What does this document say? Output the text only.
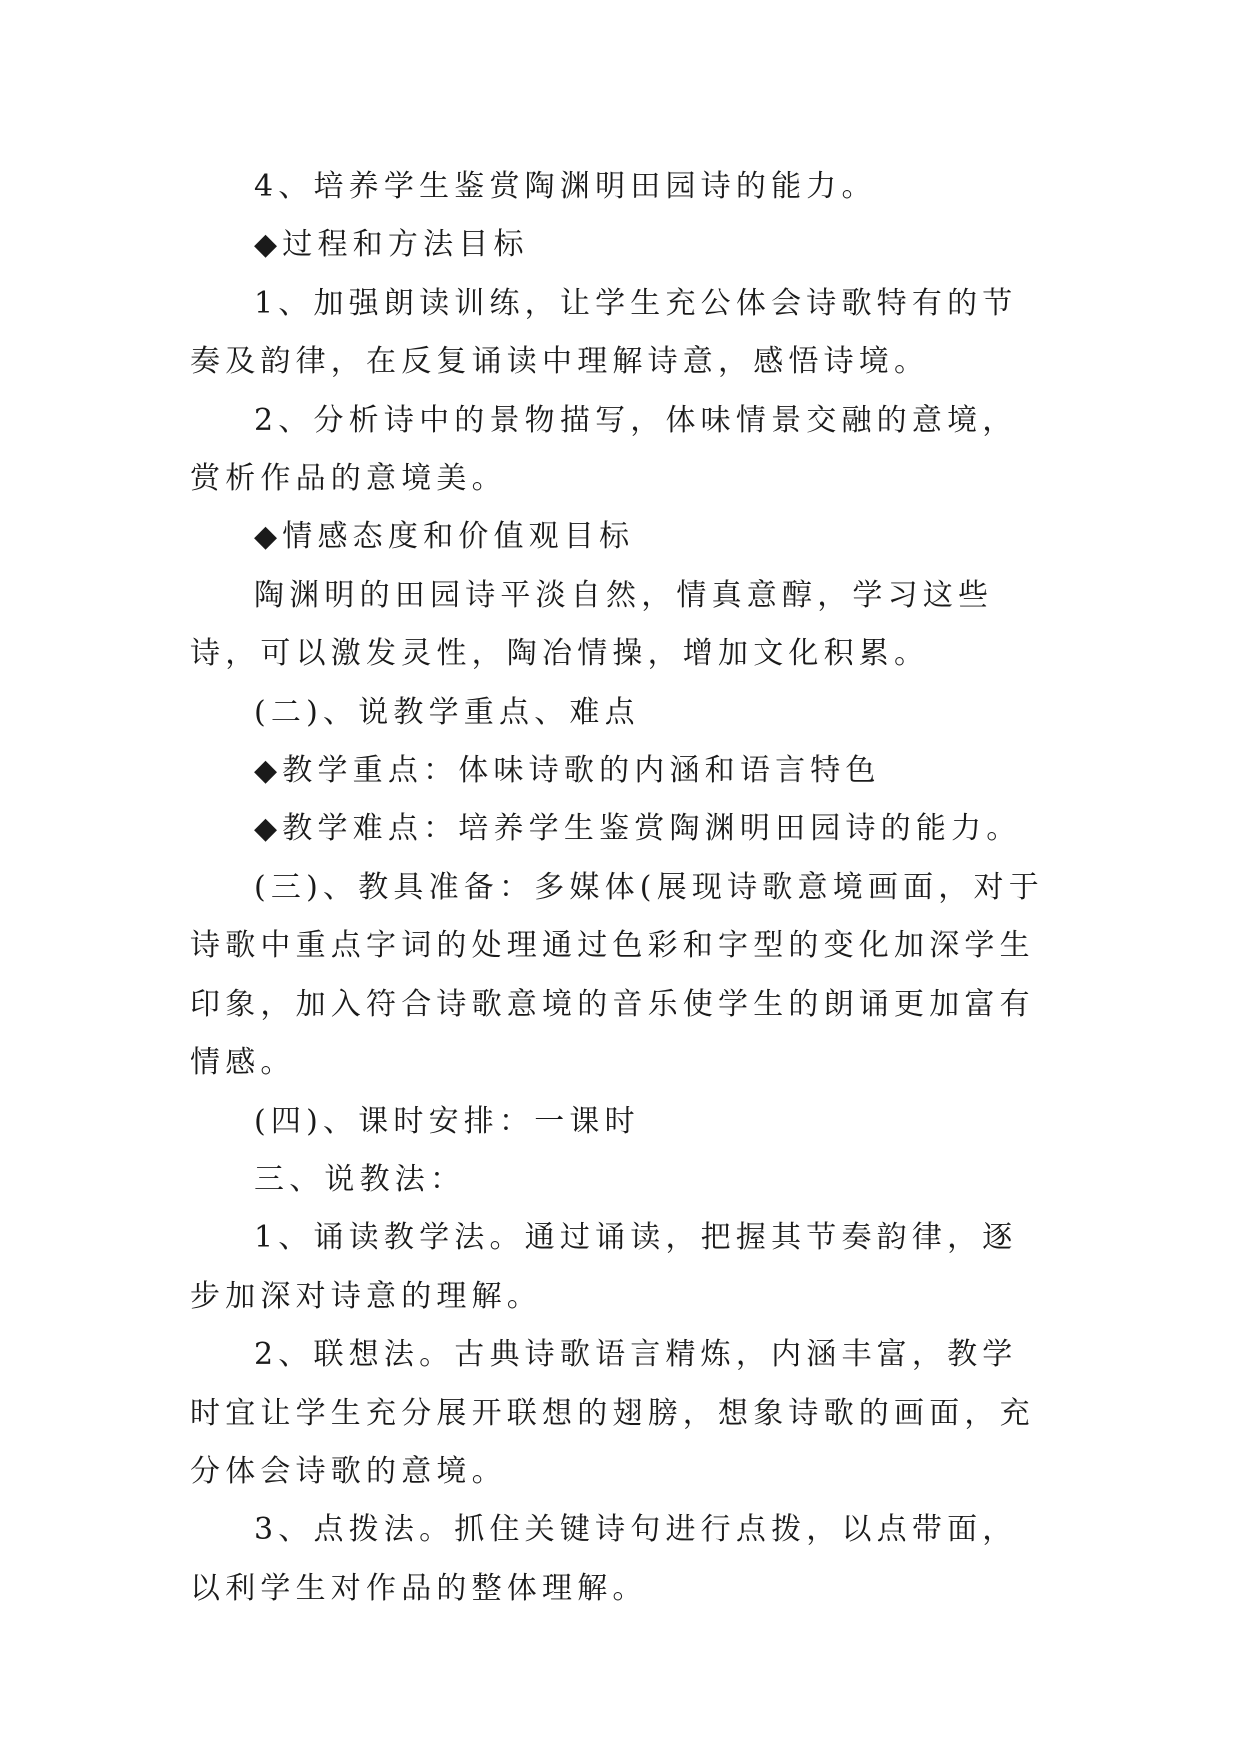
4、培养学生鉴赏陶渊明田园诗的能力。

◆过程和方法目标

1、加强朗读训练，让学生充公体会诗歌特有的节奏及韵律，在反复诵读中理解诗意，感悟诗境。

2、分析诗中的景物描写，体味情景交融的意境，赏析作品的意境美。

◆情感态度和价值观目标

陶渊明的田园诗平淡自然，情真意醇，学习这些诗，可以激发灵性，陶冶情操，增加文化积累。

(二)、说教学重点、难点

◆教学重点：体味诗歌的内涵和语言特色

◆教学难点：培养学生鉴赏陶渊明田园诗的能力。

(三)、教具准备：多媒体(展现诗歌意境画面，对于诗歌中重点字词的处理通过色彩和字型的变化加深学生印象，加入符合诗歌意境的音乐使学生的朗诵更加富有情感。

(四)、课时安排：一课时

三、说教法：

1、诵读教学法。通过诵读，把握其节奏韵律，逐步加深对诗意的理解。

2、联想法。古典诗歌语言精炼，内涵丰富，教学时宜让学生充分展开联想的翅膀，想象诗歌的画面，充分体会诗歌的意境。

3、点拨法。抓住关键诗句进行点拨，以点带面，以利学生对作品的整体理解。
